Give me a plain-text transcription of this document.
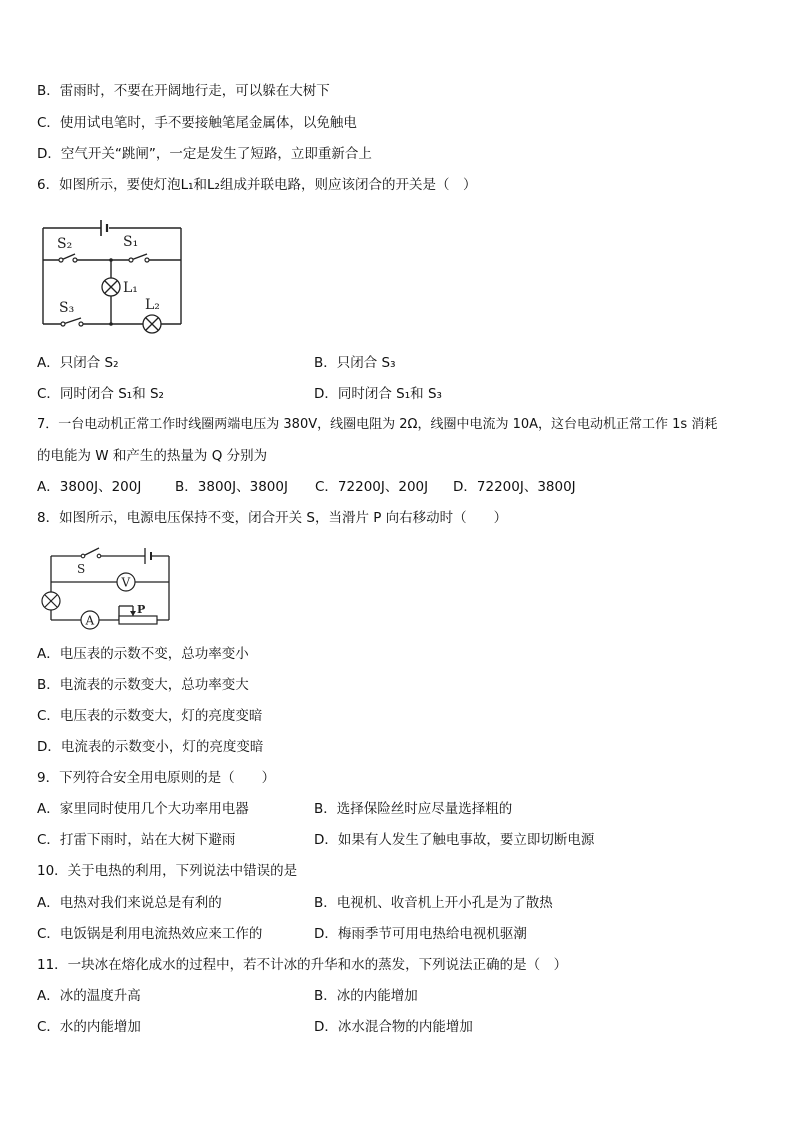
B．雷雨时，不要在开阔地行走，可以躲在大树下
C．使用试电笔时，手不要接触笔尾金属体，以免触电
D．空气开关“跳闸”，一定是发生了短路，立即重新合上
6．如图所示，要使灯泡L₁和L₂组成并联电路，则应该闭合的开关是（　）
S₂	S₁
L₁
L₂
S₃
A．只闭合 S₂	B．只闭合 S₃
C．同时闭合 S₁和 S₂	D．同时闭合 S₁和 S₃
7．一台电动机正常工作时线圈两端电压为 380V，线圈电阻为 2Ω，线圈中电流为 10A，这台电动机正常工作 1s 消耗
的电能为 W 和产生的热量为 Q 分别为
A．3800J、200J B．3800J、3800J C．72200J、200J D．72200J、3800J
8．如图所示，电源电压保持不变，闭合开关 S，当滑片 P 向右移动时（　　）
V
A
S
P
A．电压表的示数不变，总功率变小
B．电流表的示数变大，总功率变大
C．电压表的示数变大，灯的亮度变暗
D．电流表的示数变小，灯的亮度变暗
9．下列符合安全用电原则的是（　　）
A．家里同时使用几个大功率用电器	B．选择保险丝时应尽量选择粗的
C．打雷下雨时，站在大树下避雨	D．如果有人发生了触电事故，要立即切断电源
10．关于电热的利用，下列说法中错误的是
A．电热对我们来说总是有利的	B．电视机、收音机上开小孔是为了散热
C．电饭锅是利用电流热效应来工作的	D．梅雨季节可用电热给电视机驱潮
11．一块冰在熔化成水的过程中，若不计冰的升华和水的蒸发，下列说法正确的是（　）
A．冰的温度升高	B．冰的内能增加
C．水的内能增加	D．冰水混合物的内能增加
